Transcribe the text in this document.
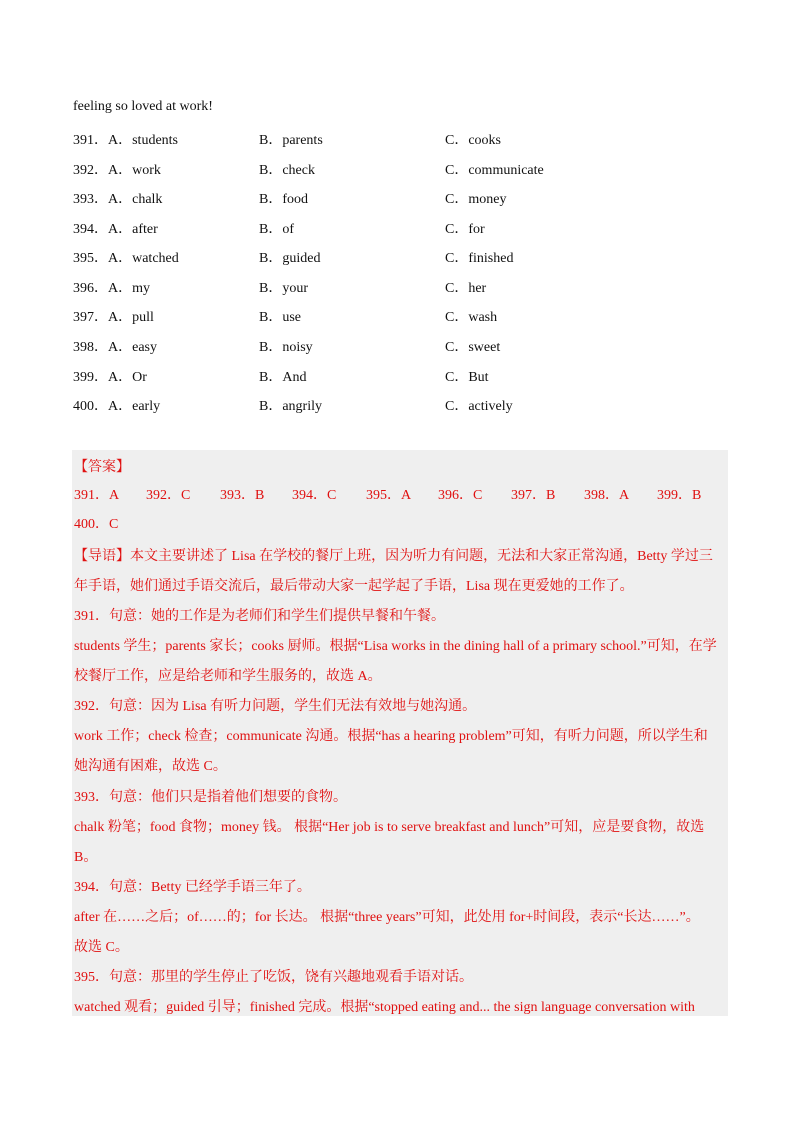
feeling so loved at work!
391．A．students	B．parents	C．cooks
392．A．work	B．check	C．communicate
393．A．chalk	B．food	C．money
394．A．after	B．of	C．for
395．A．watched	B．guided	C．finished
396．A．my	B．your	C．her
397．A．pull	B．use	C．wash
398．A．easy	B．noisy	C．sweet
399．A．Or	B．And	C．But
400．A．early	B．angrily	C．actively
【答案】
391．A 392．C 393．B 394．C 395．A 396．C 397．B 398．A 399．B
400．C
【导语】本文主要讲述了 Lisa 在学校的餐厅上班，因为听力有问题，无法和大家正常沟通，Betty 学过三
年手语，她们通过手语交流后，最后带动大家一起学起了手语，Lisa 现在更爱她的工作了。
391．句意：她的工作是为老师们和学生们提供早餐和午餐。
students 学生；parents 家长；cooks 厨师。根据“Lisa works in the dining hall of a primary school.”可知，在学
校餐厅工作，应是给老师和学生服务的，故选 A。
392．句意：因为 Lisa 有听力问题，学生们无法有效地与她沟通。
work 工作；check 检查；communicate 沟通。根据“has a hearing problem”可知，有听力问题，所以学生和
她沟通有困难，故选 C。
393．句意：他们只是指着他们想要的食物。
chalk 粉笔；food 食物；money 钱。 根据“Her job is to serve breakfast and lunch”可知，应是要食物，故选
B。
394．句意：Betty 已经学手语三年了。
after 在……之后；of……的；for 长达。 根据“three years”可知，此处用 for+时间段，表示“长达……”。
故选 C。
395．句意：那里的学生停止了吃饭，饶有兴趣地观看手语对话。
watched 观看；guided 引导；finished 完成。根据“stopped eating and... the sign language conversation with
